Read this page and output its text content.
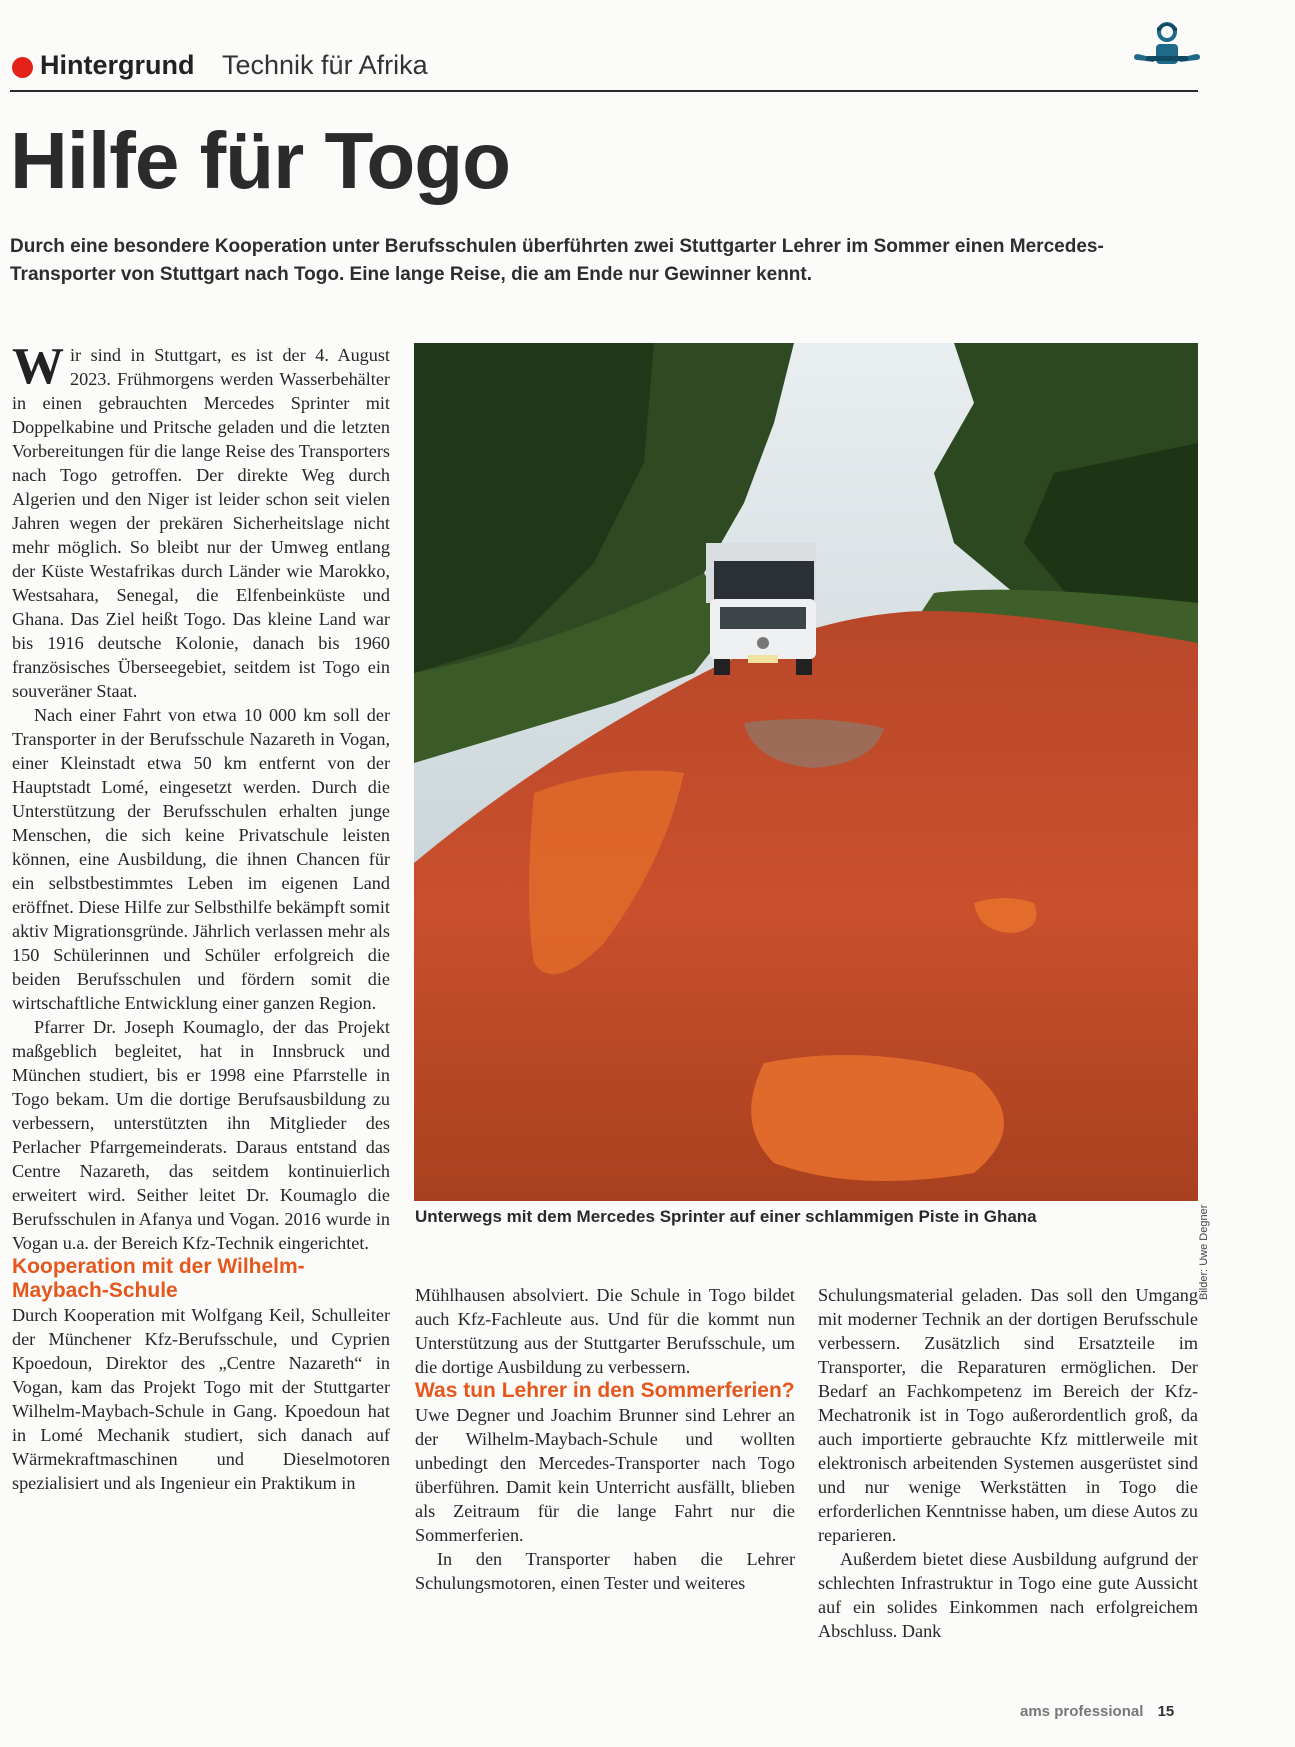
Hintergrund Technik für Afrika
Hilfe für Togo
Durch eine besondere Kooperation unter Berufsschulen überführten zwei Stuttgarter Lehrer im Sommer einen Mercedes-Transporter von Stuttgart nach Togo. Eine lange Reise, die am Ende nur Gewinner kennt.

Wir sind in Stuttgart, es ist der 4. August 2023. Frühmorgens werden Wasserbehälter in einen gebrauchten Mercedes Sprinter mit Doppelkabine und Pritsche geladen und die letzten Vorbereitungen für die lange Reise des Transporters nach Togo getroffen. Der direkte Weg durch Algerien und den Niger ist leider schon seit vielen Jahren wegen der prekären Sicherheitslage nicht mehr möglich. So bleibt nur der Umweg entlang der Küste Westafrikas durch Länder wie Marokko, Westsahara, Senegal, die Elfenbeinküste und Ghana. Das Ziel heißt Togo. Das kleine Land war bis 1916 deutsche Kolonie, danach bis 1960 französisches Überseegebiet, seitdem ist Togo ein souveräner Staat.

Nach einer Fahrt von etwa 10 000 km soll der Transporter in der Berufsschule Nazareth in Vogan, einer Kleinstadt etwa 50 km entfernt von der Hauptstadt Lomé, eingesetzt werden. Durch die Unterstützung der Berufsschulen erhalten junge Menschen, die sich keine Privatschule leisten können, eine Ausbildung, die ihnen Chancen für ein selbstbestimmtes Leben im eigenen Land eröffnet. Diese Hilfe zur Selbsthilfe bekämpft somit aktiv Migrationsgründe. Jährlich verlassen mehr als 150 Schülerinnen und Schüler erfolgreich die beiden Berufsschulen und fördern somit die wirtschaftliche Entwicklung einer ganzen Region.

Pfarrer Dr. Joseph Koumaglo, der das Projekt maßgeblich begleitet, hat in Innsbruck und München studiert, bis er 1998 eine Pfarrstelle in Togo bekam. Um die dortige Berufsausbildung zu verbessern, unterstützten ihn Mitglieder des Perlacher Pfarrgemeinderats. Daraus entstand das Centre Nazareth, das seitdem kontinuierlich erweitert wird. Seither leitet Dr. Koumaglo die Berufsschulen in Afanya und Vogan. 2016 wurde in Vogan u.a. der Bereich Kfz-Technik eingerichtet.

Kooperation mit der Wilhelm-Maybach-Schule

Durch Kooperation mit Wolfgang Keil, Schulleiter der Münchener Kfz-Berufsschule, und Cyprien Kpoedoun, Direktor des „Centre Nazareth“ in Vogan, kam das Projekt Togo mit der Stuttgarter Wilhelm-Maybach-Schule in Gang. Kpoedoun hat in Lomé Mechanik studiert, sich danach auf Wärmekraftmaschinen und Dieselmotoren spezialisiert und als Ingenieur ein Praktikum in

Unterwegs mit dem Mercedes Sprinter auf einer schlammigen Piste in Ghana	Bilder: Uwe Degner

Mühlhausen absolviert. Die Schule in Togo bildet auch Kfz-Fachleute aus. Und für die kommt nun Unterstützung aus der Stuttgarter Berufsschule, um die dortige Ausbildung zu verbessern.

Was tun Lehrer in den Sommerferien?

Uwe Degner und Joachim Brunner sind Lehrer an der Wilhelm-Maybach-Schule und wollten unbedingt den Mercedes-Transporter nach Togo überführen. Damit kein Unterricht ausfällt, blieben als Zeitraum für die lange Fahrt nur die Sommerferien.

In den Transporter haben die Lehrer Schulungsmotoren, einen Tester und weiteres

Schulungsmaterial geladen. Das soll den Umgang mit moderner Technik an der dortigen Berufsschule verbessern. Zusätzlich sind Ersatzteile im Transporter, die Reparaturen ermöglichen. Der Bedarf an Fachkompetenz im Bereich der Kfz-Mechatronik ist in Togo außerordentlich groß, da auch importierte gebrauchte Kfz mittlerweile mit elektronisch arbeitenden Systemen ausgerüstet sind und nur wenige Werkstätten in Togo die erforderlichen Kenntnisse haben, um diese Autos zu reparieren.

Außerdem bietet diese Ausbildung aufgrund der schlechten Infrastruktur in Togo eine gute Aussicht auf ein solides Einkommen nach erfolgreichem Abschluss. Dank

ams professional 15
